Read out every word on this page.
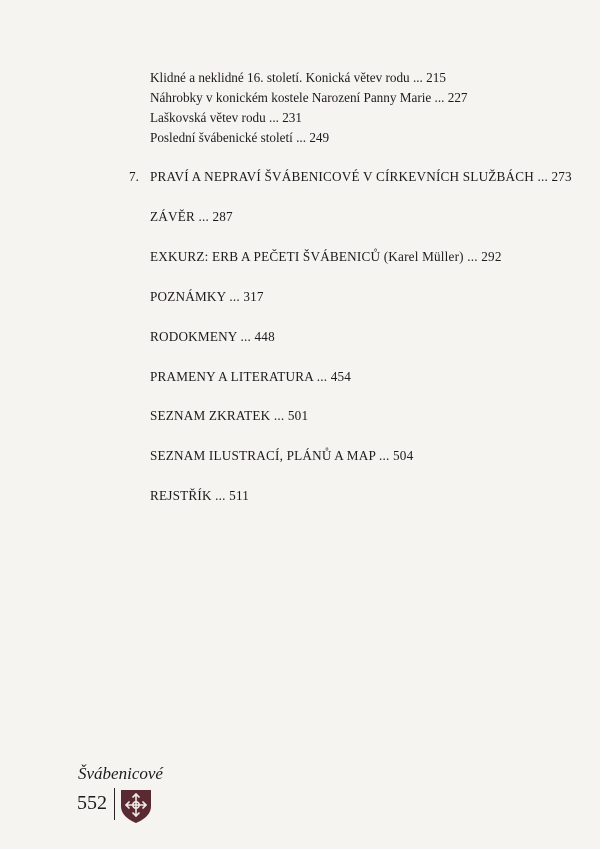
Klidné a neklidné 16. století. Konická větev rodu ... 215
Náhrobky v konickém kostele Narození Panny Marie ... 227
Laškovská větev rodu ... 231
Poslední švábenické století ... 249
7. PRAVÍ A NEPRAVÍ ŠVÁBENICOVÉ V CÍRKEVNÍCH SLUŽBÁCH ... 273
ZÁVĚR ... 287
EXKURZ: ERB A PEČETI ŠVÁBENICŮ (Karel Müller) ... 292
POZNÁMKY ... 317
RODOKMENY ... 448
PRAMENY A LITERATURA ... 454
SEZNAM ZKRATEK ... 501
SEZNAM ILUSTRACÍ, PLÁNŮ A MAP ... 504
REJSTŘÍK ... 511
Švábenicové
552
